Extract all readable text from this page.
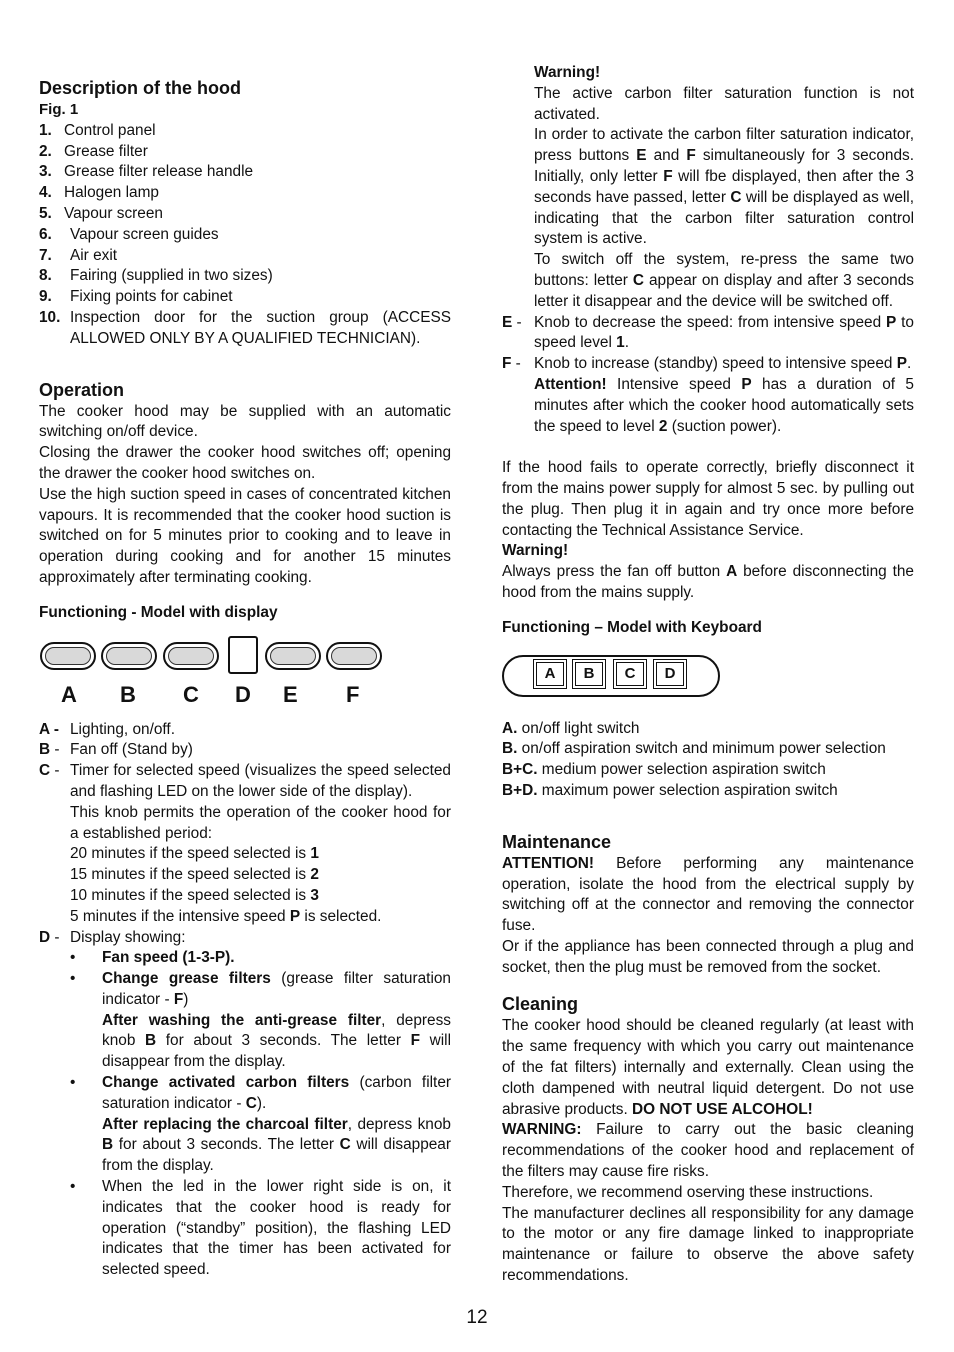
Description of the hood
Fig. 1
1. Control panel
2. Grease filter
3. Grease filter release handle
4. Halogen lamp
5. Vapour screen
6.	Vapour screen guides
7.	Air exit
8.	Fairing (supplied in two sizes)
9.	Fixing points for cabinet
10. Inspection door for the suction group (ACCESS ALLOWED ONLY BY A QUALIFIED TECHNICIAN).
Operation

The cooker hood may be supplied with an automatic switching on/off device.

Closing the drawer the cooker hood switches off; opening the drawer the cooker hood switches on.

Use the high suction speed in cases of concentrated kitchen vapours. It is recommended that the cooker hood suction is switched on for 5 minutes prior to cooking and to leave in operation during cooking and for another 15 minutes approximately after terminating cooking.

Functioning - Model with display
A B C D E F
A - Lighting, on/off.
B - Fan off (Stand by)
C - Timer for selected speed (visualizes the speed selected and flashing LED on the lower side of the display).
This knob permits the operation of the cooker hood for a established period:
20 minutes if the speed selected is 1
15 minutes if the speed selected is 2
10 minutes if the speed selected is 3
5 minutes if the intensive speed P is selected.
D - Display showing:
•	Fan speed (1-3-P).
•	Change grease filters (grease filter saturation indicator - F)
After washing the anti-grease filter, depress knob B for about 3 seconds. The letter F will disappear from the display.
•	Change activated carbon filters (carbon filter saturation indicator - C).
After replacing the charcoal filter, depress knob B for about 3 seconds. The letter C will disappear from the display.
•	When the led in the lower right side is on, it indicates that the cooker hood is ready for operation (“standby” position), the flashing LED indicates that the timer has been activated for selected speed.
Warning!

The active carbon filter saturation function is not activated.

In order to activate the carbon filter saturation indicator, press buttons E and F simultaneously for 3 seconds. Initially, only letter F will fbe displayed, then after the 3 seconds have passed, letter C will be displayed as well, indicating that the carbon filter saturation control system is active.

To switch off the system, re-press the same two buttons: letter C appear on display and after 3 seconds letter it disappear and the device will be switched off.

E - Knob to decrease the speed: from intensive speed P to speed level 1.
F - Knob to increase (standby) speed to intensive speed P.
Attention! Intensive speed P has a duration of 5 minutes after which the cooker hood automatically sets the speed to level 2 (suction power).

If the hood fails to operate correctly, briefly disconnect it from the mains power supply for almost 5 sec. by pulling out the plug. Then plug it in again and try once more before contacting the Technical Assistance Service.

Warning!

Always press the fan off button A before disconnecting the hood from the mains supply.

Functioning – Model with Keyboard
A	B	C	D

A. on/off light switch

B. on/off aspiration switch and minimum power selection

B+C. medium power selection aspiration switch

B+D. maximum power selection aspiration switch

Maintenance

ATTENTION! Before performing any maintenance operation, isolate the hood from the electrical supply by switching off at the connector and removing the connector fuse.

Or if the appliance has been connected through a plug and socket, then the plug must be removed from the socket.

Cleaning

The cooker hood should be cleaned regularly (at least with the same frequency with which you carry out maintenance of the fat filters) internally and externally. Clean using the cloth dampened with neutral liquid detergent. Do not use abrasive products. DO NOT USE ALCOHOL!

WARNING: Failure to carry out the basic cleaning recommendations of the cooker hood and replacement of the filters may cause fire risks.

Therefore, we recommend oserving these instructions.

The manufacturer declines all responsibility for any damage to the motor or any fire damage linked to inappropriate maintenance or failure to observe the above safety recommendations.

12
